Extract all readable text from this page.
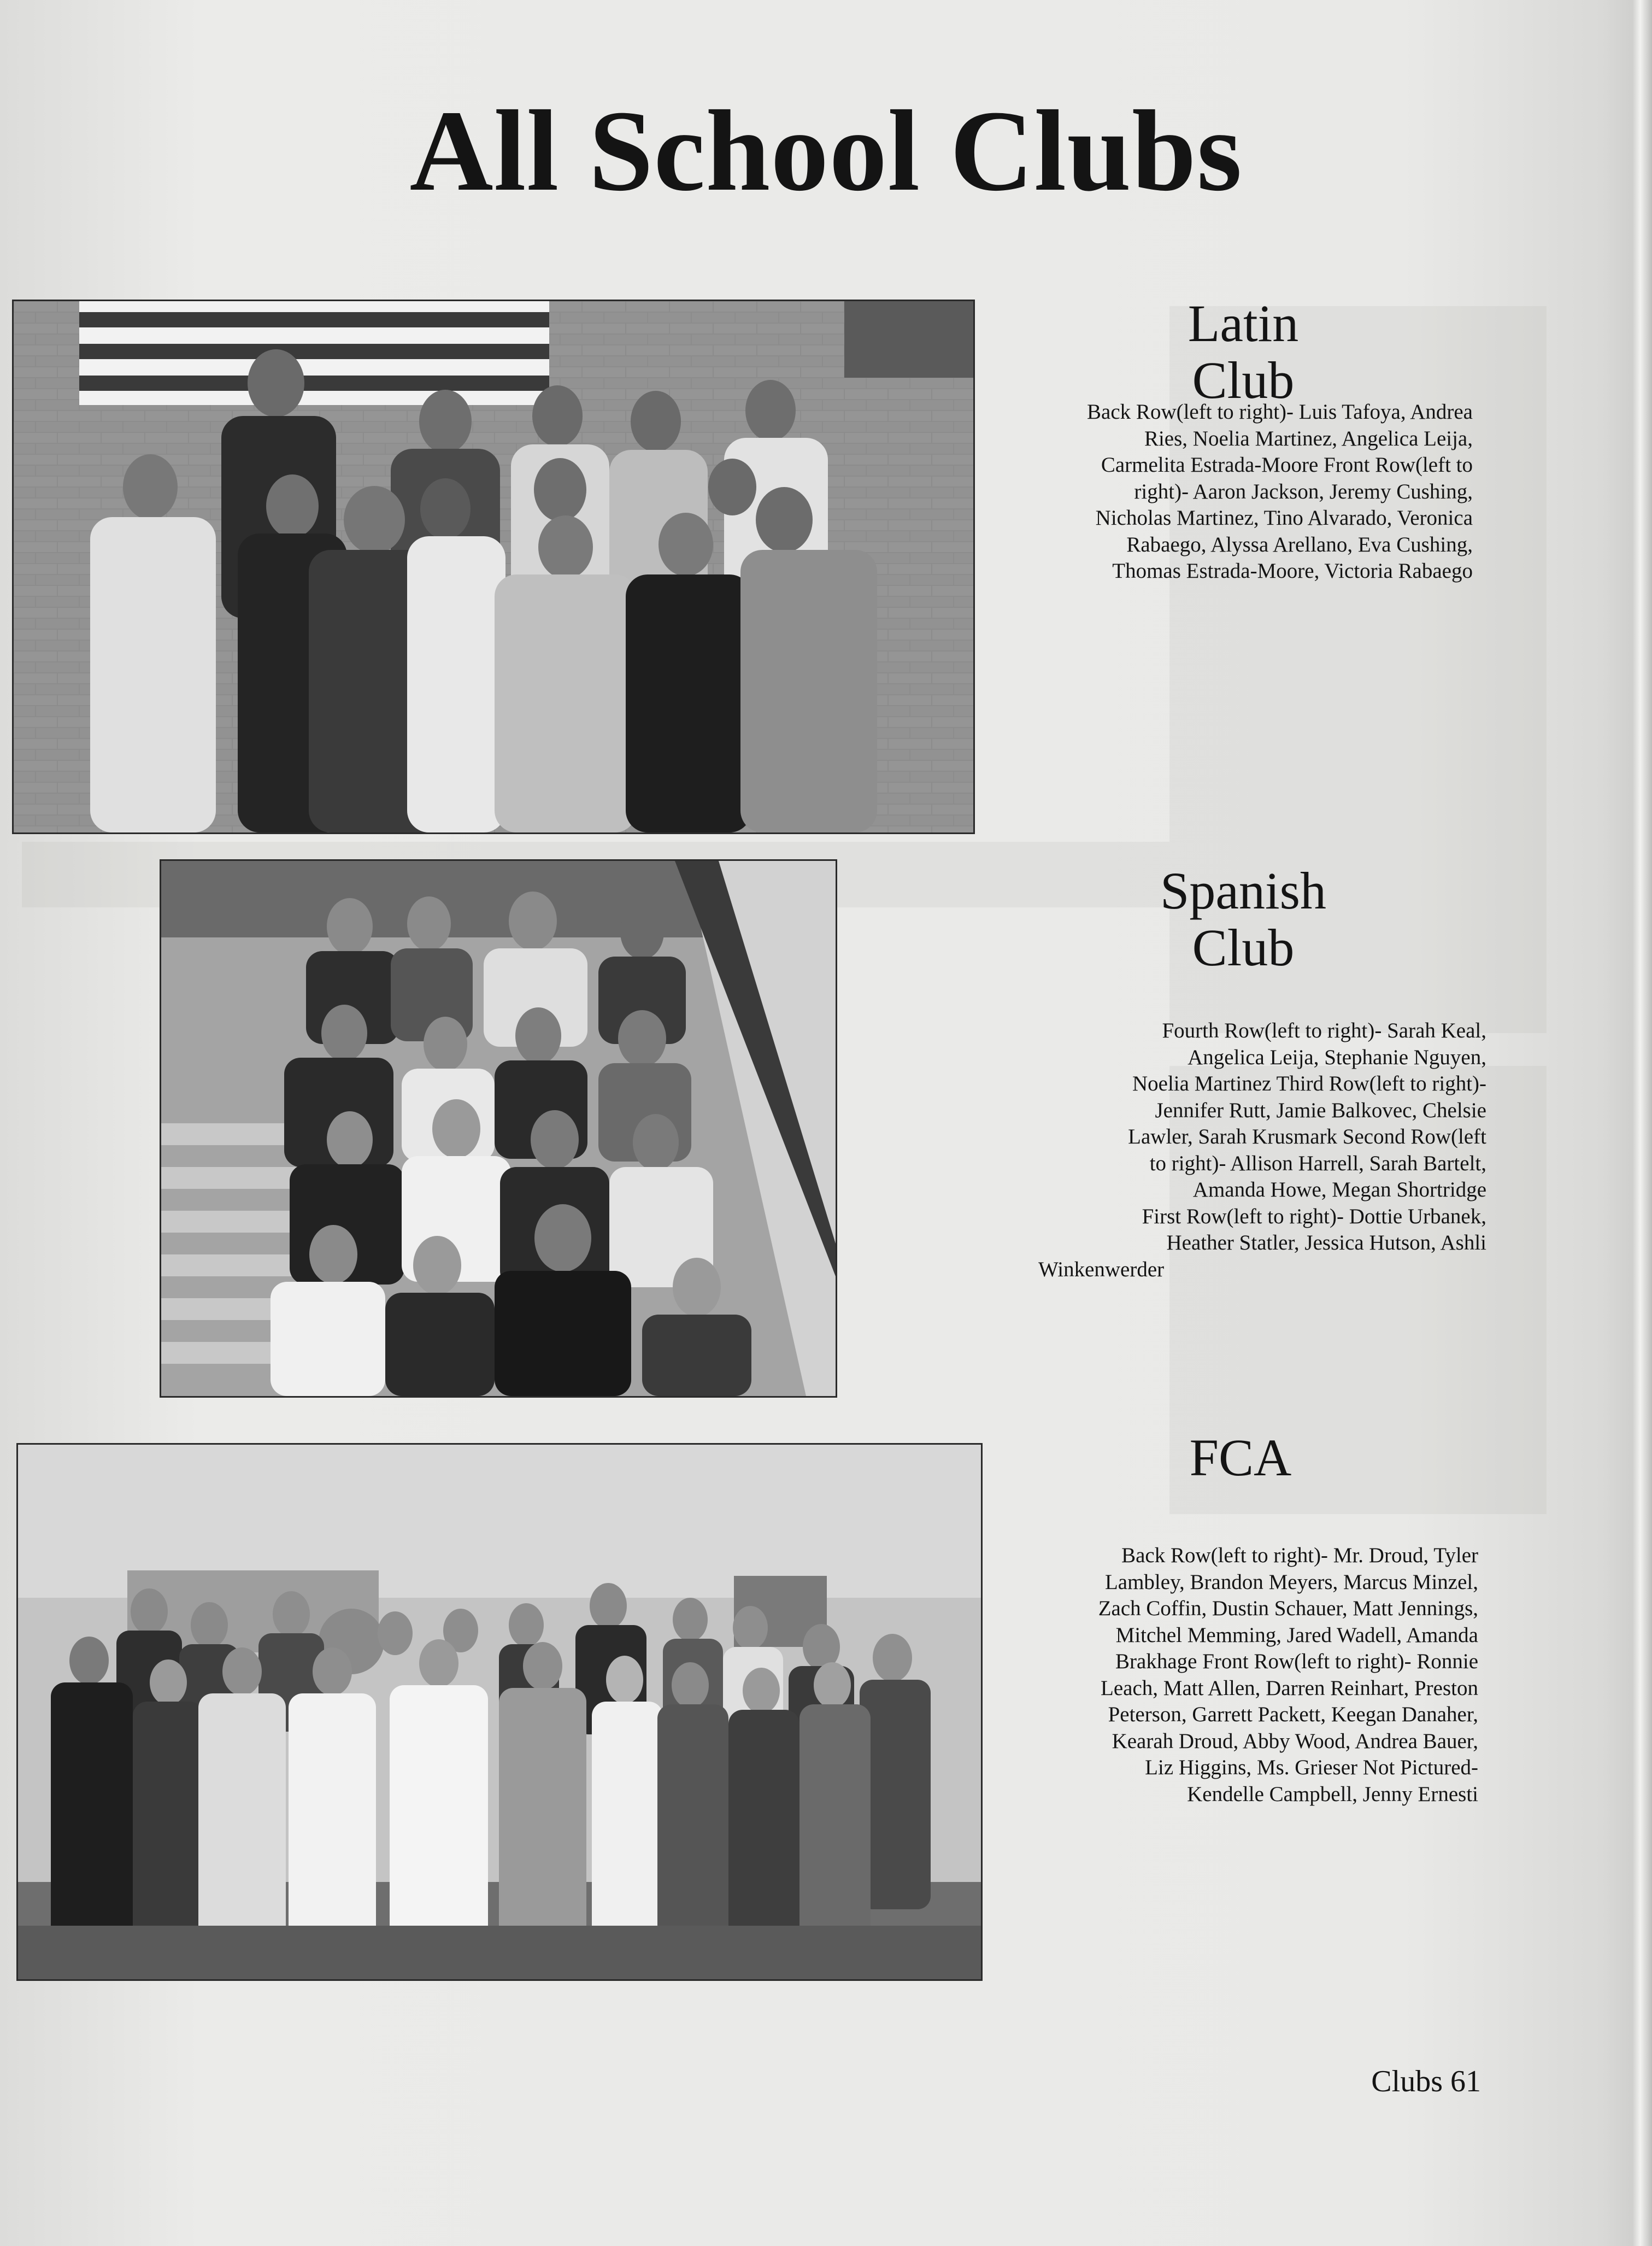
All School Clubs
Latin
Club
Back Row(left to right)- Luis Tafoya, Andrea
Ries, Noelia Martinez, Angelica Leija,
Carmelita Estrada-Moore Front Row(left to
right)- Aaron Jackson, Jeremy Cushing,
Nicholas Martinez, Tino Alvarado, Veronica
Rabaego, Alyssa Arellano, Eva Cushing,
Thomas Estrada-Moore, Victoria Rabaego
Spanish
Club
Fourth Row(left to right)- Sarah Keal,
Angelica Leija, Stephanie Nguyen,
Noelia Martinez Third Row(left to right)-
Jennifer Rutt, Jamie Balkovec, Chelsie
Lawler, Sarah Krusmark Second Row(left
to right)- Allison Harrell, Sarah Bartelt,
Amanda Howe, Megan Shortridge
First Row(left to right)- Dottie Urbanek,
Heather Statler, Jessica Hutson, Ashli
Winkenwerder
FCA
Back Row(left to right)- Mr. Droud, Tyler
Lambley, Brandon Meyers, Marcus Minzel,
Zach Coffin, Dustin Schauer, Matt Jennings,
Mitchel Memming, Jared Wadell, Amanda
Brakhage Front Row(left to right)- Ronnie
Leach, Matt Allen, Darren Reinhart, Preston
Peterson, Garrett Packett, Keegan Danaher,
Kearah Droud, Abby Wood, Andrea Bauer,
Liz Higgins, Ms. Grieser Not Pictured-
Kendelle Campbell, Jenny Ernesti
Clubs 61
